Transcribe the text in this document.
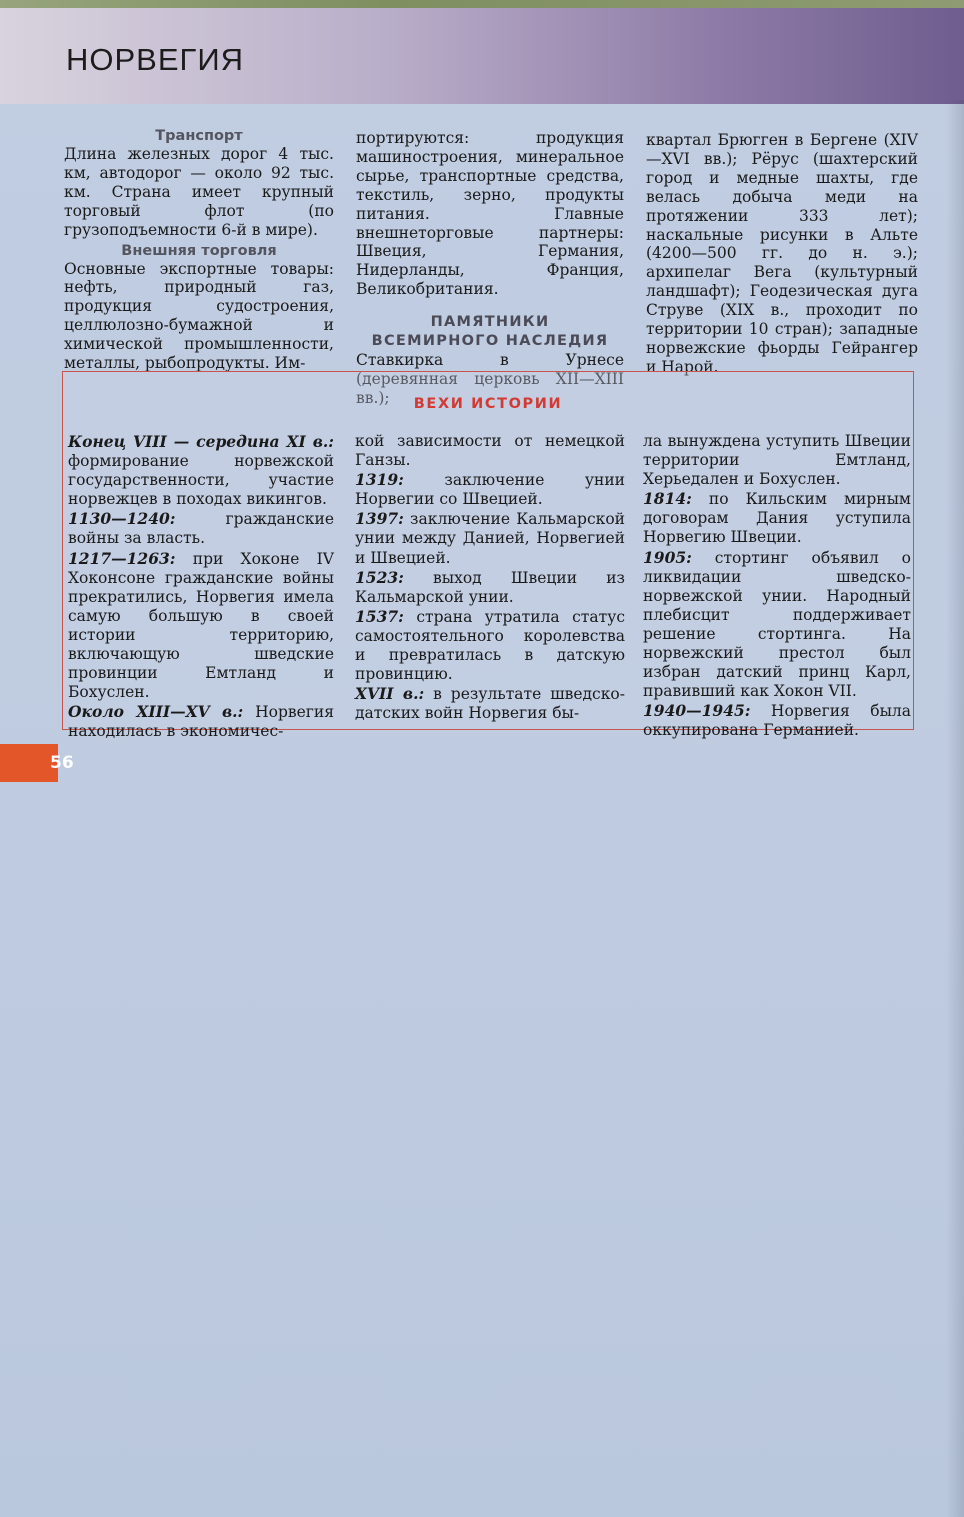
НОРВЕГИЯ

Транспорт

Длина железных дорог 4 тыс. км, автодорог — около 92 тыс. км. Страна имеет крупный торговый флот (по грузоподъемности 6-й в мире).

Внешняя торговля

Основные экспортные товары: нефть, природный газ, продукция судостроения, целлюлозно-бумажной и химической промышленности, металлы, рыбопродукты. Им-

портируются: продукция машиностроения, минеральное сырье, транспортные средства, текстиль, зерно, продукты питания. Главные внешнеторговые партнеры: Швеция, Германия, Нидерланды, Франция, Великобритания.

ПАМЯТНИКИ

ВСЕМИРНОГО НАСЛЕДИЯ

Ставкирка в Урнесе (деревянная церковь XII—XIII вв.);

квартал Брюгген в Бергене (XIV—XVI вв.); Рёрус (шахтерский город и медные шахты, где велась добыча меди на протяжении 333 лет); наскальные рисунки в Альте (4200—500 гг. до н. э.); архипелаг Вега (культурный ландшафт); Геодезическая дуга Струве (XIX в., проходит по территории 10 стран); западные норвежские фьорды Гейрангер и Нарой.

ВЕХИ ИСТОРИИ

Конец VIII — середина XI в.: формирование норвежской государственности, участие норвежцев в походах викингов.

1130—1240: гражданские войны за власть.

1217—1263: при Хоконе IV Хоконсоне гражданские войны прекратились, Норвегия имела самую большую в своей истории территорию, включающую шведские провинции Емтланд и Бохуслен.

Около XIII—XV в.: Норвегия находилась в экономичес-

кой зависимости от немецкой Ганзы.

1319: заключение унии Норвегии со Швецией.

1397: заключение Кальмарской унии между Данией, Норвегией и Швецией.

1523: выход Швеции из Кальмарской унии.

1537: страна утратила статус самостоятельного королевства и превратилась в датскую провинцию.

XVII в.: в результате шведско-датских войн Норвегия бы-

ла вынуждена уступить Швеции территории Емтланд, Херьедален и Бохуслен.

1814: по Кильским мирным договорам Дания уступила Норвегию Швеции.

1905: стортинг объявил о ликвидации шведско-норвежской унии. Народный плебисцит поддерживает решение стортинга. На норвежский престол был избран датский принц Карл, правивший как Хокон VII.

1940—1945: Норвегия была оккупирована Германией.

56
